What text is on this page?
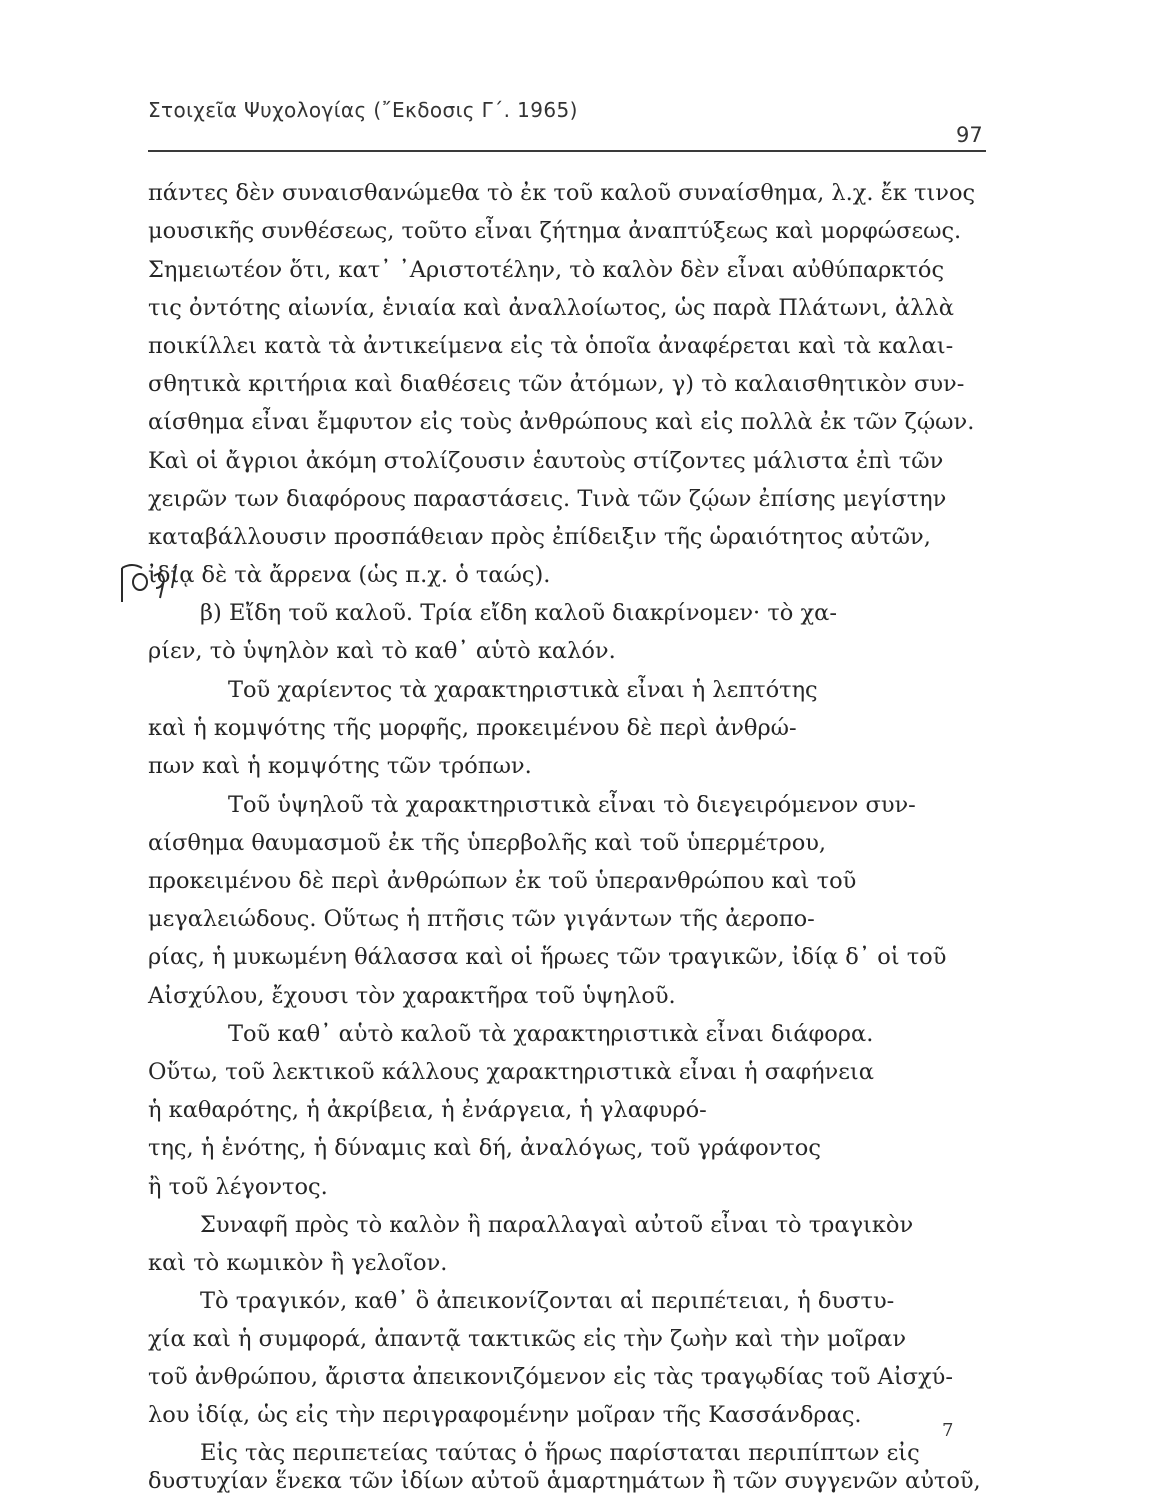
Στοιχεῖα Ψυχολογίας (῎Εκδοσις Γ΄. 1965)
97
πάντες δὲν συναισθανώμεθα τὸ ἐκ τοῦ καλοῦ συναίσθημα, λ.χ. ἔκ τινος
μουσικῆς συνθέσεως, τοῦτο εἶναι ζήτημα ἀναπτύξεως καὶ μορφώσεως.
Σημειωτέον ὅτι, κατ᾽ ᾽Αριστοτέλην, τὸ καλὸν δὲν εἶναι αὐθύπαρκτός
τις ὀντότης αἰωνία, ἑνιαία καὶ ἀναλλοίωτος, ὡς παρὰ Πλάτωνι, ἀλλὰ
ποικίλλει κατὰ τὰ ἀντικείμενα εἰς τὰ ὁποῖα ἀναφέρεται καὶ τὰ καλαι-
σθητικὰ κριτήρια καὶ διαθέσεις τῶν ἀτόμων, γ) τὸ καλαισθητικὸν συν-
αίσθημα εἶναι ἔμφυτον εἰς τοὺς ἀνθρώπους καὶ εἰς πολλὰ ἐκ τῶν ζῴων.
Καὶ οἱ ἄγριοι ἀκόμη στολίζουσιν ἑαυτοὺς στίζοντες μάλιστα ἐπὶ τῶν
χειρῶν των διαφόρους παραστάσεις. Τινὰ τῶν ζῴων ἐπίσης μεγίστην
καταβάλλουσιν προσπάθειαν πρὸς ἐπίδειξιν τῆς ὡραιότητος αὐτῶν,
ἰδίᾳ δὲ τὰ ἄρρενα (ὡς π.χ. ὁ ταώς).
β) Εἴδη τοῦ καλοῦ. Τρία εἴδη καλοῦ διακρίνομεν· τὸ χα-
ρίεν, τὸ ὑψηλὸν καὶ τὸ καθ᾽ αὑτὸ καλόν.
Τοῦ χαρίεντος τὰ χαρακτηριστικὰ εἶναι ἡ λεπτότης
καὶ ἡ κομψότης τῆς μορφῆς, προκειμένου δὲ περὶ ἀνθρώ-
πων καὶ ἡ κομψότης τῶν τρόπων.
Τοῦ ὑψηλοῦ τὰ χαρακτηριστικὰ εἶναι τὸ διεγειρόμενον συν-
αίσθημα θαυμασμοῦ ἐκ τῆς ὑπερβολῆς καὶ τοῦ ὑπερμέτρου,
προκειμένου δὲ περὶ ἀνθρώπων ἐκ τοῦ ὑπερανθρώπου καὶ τοῦ
μεγαλειώδους. Οὕτως ἡ πτῆσις τῶν γιγάντων τῆς ἀεροπο-
ρίας, ἡ μυκωμένη θάλασσα καὶ οἱ ἥρωες τῶν τραγικῶν, ἰδίᾳ δ᾽ οἱ τοῦ
Αἰσχύλου, ἔχουσι τὸν χαρακτῆρα τοῦ ὑψηλοῦ.
Τοῦ καθ᾽ αὑτὸ καλοῦ τὰ χαρακτηριστικὰ εἶναι διάφορα.
Οὕτω, τοῦ λεκτικοῦ κάλλους χαρακτηριστικὰ εἶναι ἡ σαφήνεια
ἡ καθαρότης, ἡ ἀκρίβεια, ἡ ἐνάργεια, ἡ γλαφυρό-
της, ἡ ἑνότης, ἡ δύναμις καὶ δή, ἀναλόγως, τοῦ γράφοντος
ἢ τοῦ λέγοντος.
Συναφῆ πρὸς τὸ καλὸν ἢ παραλλαγαὶ αὐτοῦ εἶναι τὸ τραγικὸν
καὶ τὸ κωμικὸν ἢ γελοῖον.
Τὸ τραγικόν, καθ᾽ ὃ ἀπεικονίζονται αἱ περιπέτειαι, ἡ δυστυ-
χία καὶ ἡ συμφορά, ἀπαντᾷ τακτικῶς εἰς τὴν ζωὴν καὶ τὴν μοῖραν
τοῦ ἀνθρώπου, ἄριστα ἀπεικονιζόμενον εἰς τὰς τραγῳδίας τοῦ Αἰσχύ-
λου ἰδίᾳ, ὡς εἰς τὴν περιγραφομένην μοῖραν τῆς Κασσάνδρας.
Εἰς τὰς περιπετείας ταύτας ὁ ἥρως παρίσταται περιπίπτων εἰς
δυστυχίαν ἕνεκα τῶν ἰδίων αὐτοῦ ἁμαρτημάτων ἢ τῶν συγγενῶν αὐτοῦ,
7
